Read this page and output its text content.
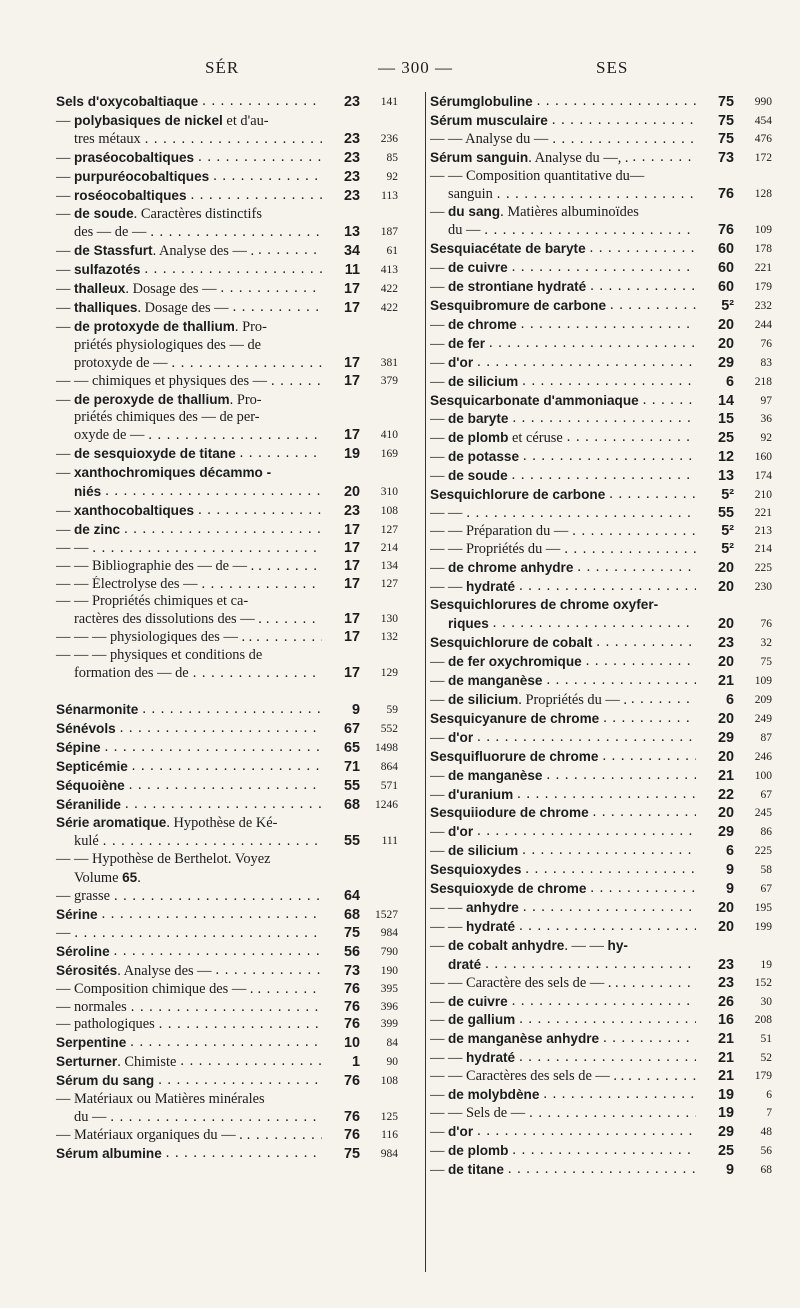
SÉR	— 300 —	SES
Sels d'oxycobaltiaque . . .	23	141
— polybasiques de nickel et d'au-
tres métaux . . .	23	236
— praséocobaltiques . . .	23	85
— purpuréocobaltiques . . .	23	92
— roséocobaltiques . . .	23	113
— de soude. Caractères distinctifs
des — de — . . .	13	187
— de Stassfurt. Analyse des — . . . .	34	61
— sulfazotés . . .	11	413
— thalleux. Dosage des — . . .	17	422
— thalliques. Dosage des — . . .	17	422
— de protoxyde de thallium. Pro-
priétés physiologiques des — de
protoxyde de — . . .	17	381
— — chimiques et physiques des — . . .	17	379
— de peroxyde de thallium. Pro-
priétés chimiques des — de per-
oxyde de — . . .	17	410
— de sesquioxyde de titane . . .	19	169
— xanthochromiques décammo -
niés . . .	20	310
— xanthocobaltiques . . .	23	108
— de zinc . . .	17	127
— — . . .	17	214
— — Bibliographie des — de — . . . .	17	134
— — Électrolyse des — . . .	17	127
— — Propriétés chimiques et ca-
ractères des dissolutions des — . . . .	17	130
— — — physiologiques des — . . . . .	17	132
— — — physiques et conditions de
formation des — de . . .	17	129
Sénarmonite . . .	9	59
Sénévols . . .	67	552
Sépine . . .	65	1498
Septicémie . . .	71	864
Séquoiène . . .	55	571
Séranilide . . .	68	1246
Série aromatique. Hypothèse de Ké-
kulé . . .	55	111
— — Hypothèse de Berthelot. Voyez
Volume 65.
— grasse . . .	64
Sérine . . .	68	1527
— . . .	75	984
Séroline . . .	56	790
Sérosités. Analyse des — . . .	73	190
— Composition chimique des — . . . .	76	395
— normales . . .	76	396
— pathologiques . . .	76	399
Serpentine . . .	10	84
Serturner. Chimiste . . .	1	90
Sérum du sang . . .	76	108
— Matériaux ou Matières minérales
du — . . .	76	125
— Matériaux organiques du — . . . .	76	116
Sérum albumine . . .	75	984
Sérumglobuline . . .	75	990
Sérum musculaire . . .	75	454
— — Analyse du — . . .	75	476
Sérum sanguin. Analyse du —, . . . .	73	172
— — Composition quantitative du—
sanguin . . .	76	128
— du sang. Matières albuminoïdes
du — . . .	76	109
Sesquiacétate de baryte . . .	60	178
— de cuivre . . .	60	221
— de strontiane hydraté . . .	60	179
Sesquibromure de carbone . . .	5²	232
— de chrome . . .	20	244
— de fer . . .	20	76
— d'or . . .	29	83
— de silicium . . .	6	218
Sesquicarbonate d'ammoniaque . . .	14	97
— de baryte . . .	15	36
— de plomb et céruse . . .	25	92
— de potasse . . .	12	160
— de soude . . .	13	174
Sesquichlorure de carbone . . .	5²	210
— — . . .	55	221
— — Préparation du — . . .	5²	213
— — Propriétés du — . . .	5²	214
— de chrome anhydre . . .	20	225
— — hydraté . . .	20	230
Sesquichlorures de chrome oxyfer-
riques . . .	20	76
Sesquichlorure de cobalt . . .	23	32
— de fer oxychromique . . .	20	75
— de manganèse . . .	21	109
— de silicium. Propriétés du — . . . .	6	209
Sesquicyanure de chrome . . .	20	249
— d'or . . .	29	87
Sesquifluorure de chrome . . .	20	246
— de manganèse . . .	21	100
— d'uranium . . .	22	67
Sesquiiodure de chrome . . .	20	245
— d'or . . .	29	86
— de silicium . . .	6	225
Sesquioxydes . . .	9	58
Sesquioxyde de chrome . . .	9	67
— — anhydre . . .	20	195
— — hydraté . . .	20	199
— de cobalt anhydre. — — hy-
draté . . .	23	19
— — Caractère des sels de — . . . . .	23	152
— de cuivre . . .	26	30
— de gallium . . .	16	208
— de manganèse anhydre . . .	21	51
— — hydraté . . .	21	52
— — Caractères des sels de — . . . . .	21	179
— de molybdène . . .	19	6
— — Sels de — . . .	19	7
— d'or . . .	29	48
— de plomb . . .	25	56
— de titane . . .	9	68
